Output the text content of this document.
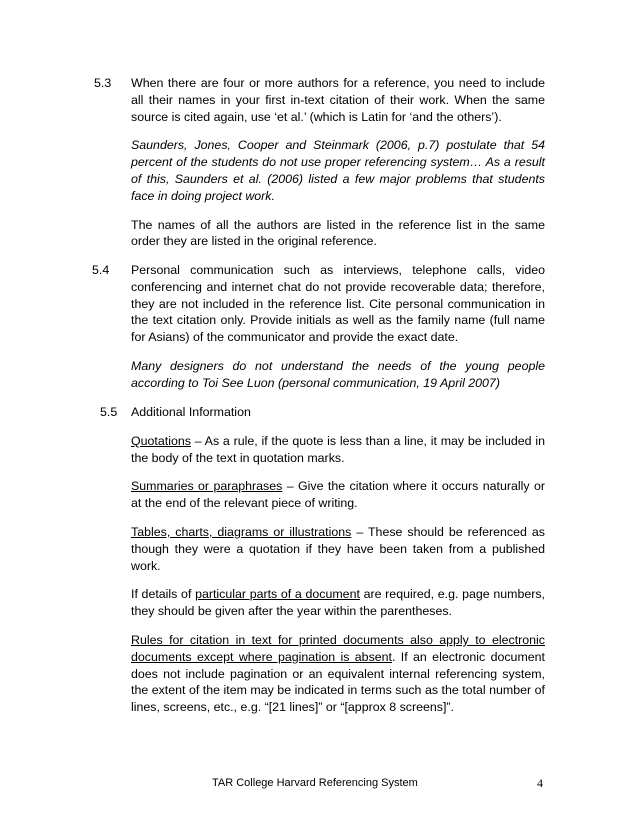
5.3 When there are four or more authors for a reference, you need to include all their names in your first in-text citation of their work. When the same source is cited again, use ‘et al.’ (which is Latin for ‘and the others’).

Saunders, Jones, Cooper and Steinmark (2006, p.7) postulate that 54 percent of the students do not use proper referencing system… As a result of this, Saunders et al. (2006) listed a few major problems that students face in doing project work.

The names of all the authors are listed in the reference list in the same order they are listed in the original reference.

5.4 Personal communication such as interviews, telephone calls, video conferencing and internet chat do not provide recoverable data; therefore, they are not included in the reference list. Cite personal communication in the text citation only. Provide initials as well as the family name (full name for Asians) of the communicator and provide the exact date.

Many designers do not understand the needs of the young people according to Toi See Luon (personal communication, 19 April 2007)

5.5 Additional Information

Quotations – As a rule, if the quote is less than a line, it may be included in the body of the text in quotation marks.

Summaries or paraphrases – Give the citation where it occurs naturally or at the end of the relevant piece of writing.

Tables, charts, diagrams or illustrations – These should be referenced as though they were a quotation if they have been taken from a published work.

If details of particular parts of a document are required, e.g. page numbers, they should be given after the year within the parentheses.

Rules for citation in text for printed documents also apply to electronic documents except where pagination is absent. If an electronic document does not include pagination or an equivalent internal referencing system, the extent of the item may be indicated in terms such as the total number of lines, screens, etc., e.g. “[21 lines]” or “[approx 8 screens]”.

TAR College Harvard Referencing System	4
